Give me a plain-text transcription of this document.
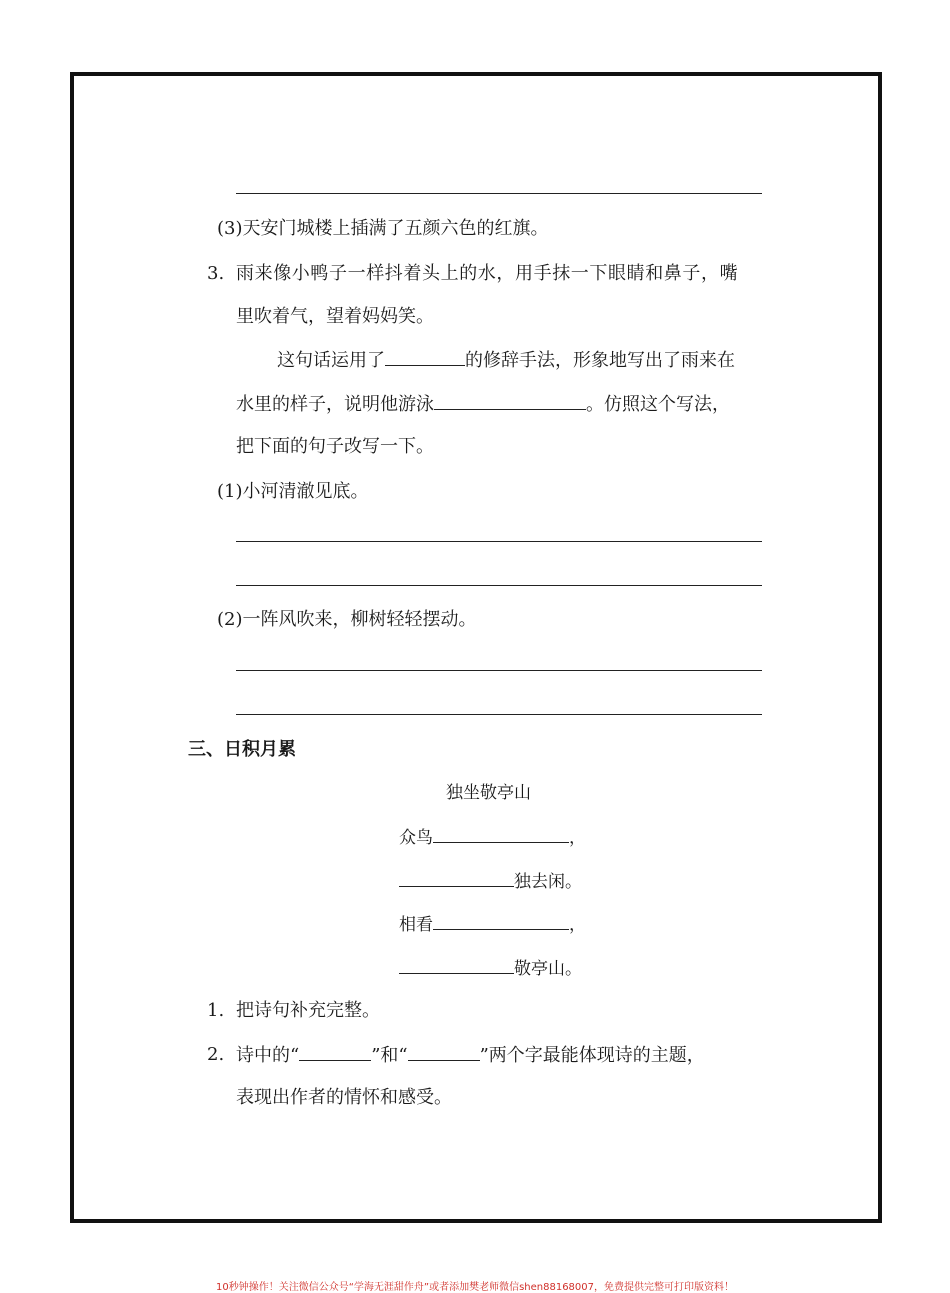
(3)天安门城楼上插满了五颜六色的红旗。
3. 雨来像小鸭子一样抖着头上的水，用手抹一下眼睛和鼻子，嘴
里吹着气，望着妈妈笑。
这句话运用了	的修辞手法，形象地写出了雨来在
水里的样子，说明他游泳	。仿照这个写法，
把下面的句子改写一下。
(1)小河清澈见底。
(2)一阵风吹来，柳树轻轻摆动。
三、日积月累
独坐敬亭山
众鸟	，
独去闲。
相看	，
敬亭山。
1. 把诗句补充完整。
2. 诗中的“	”和“	”两个字最能体现诗的主题，
表现出作者的情怀和感受。
10秒钟操作！关注微信公众号“学海无涯甜作舟”或者添加樊老师微信shen88168007，免费提供完整可打印版资料！
